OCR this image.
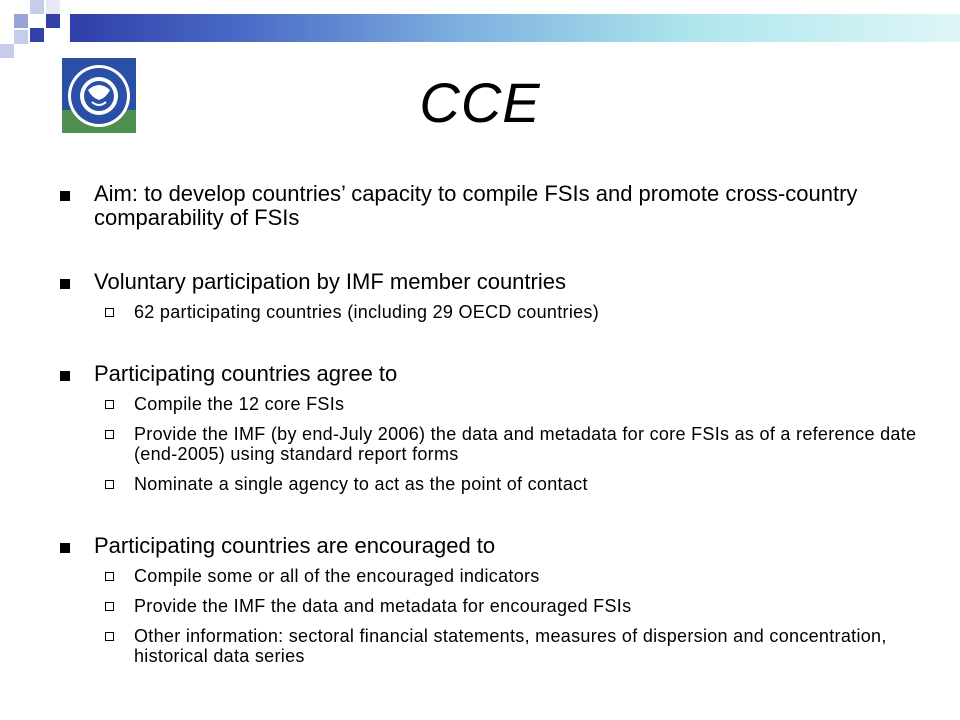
CCE
Aim: to develop countries’ capacity to compile FSIs and promote cross-country comparability of FSIs
Voluntary participation by IMF member countries
62 participating countries (including 29 OECD countries)
Participating countries agree to
Compile the 12 core FSIs
Provide the IMF (by end-July 2006) the data and metadata for core FSIs as of a reference date (end-2005) using standard report forms
Nominate a single agency to act as the point of contact
Participating countries are encouraged to
Compile some or all of the encouraged indicators
Provide the IMF the data and metadata for encouraged FSIs
Other information: sectoral financial statements, measures of dispersion and concentration, historical data series
